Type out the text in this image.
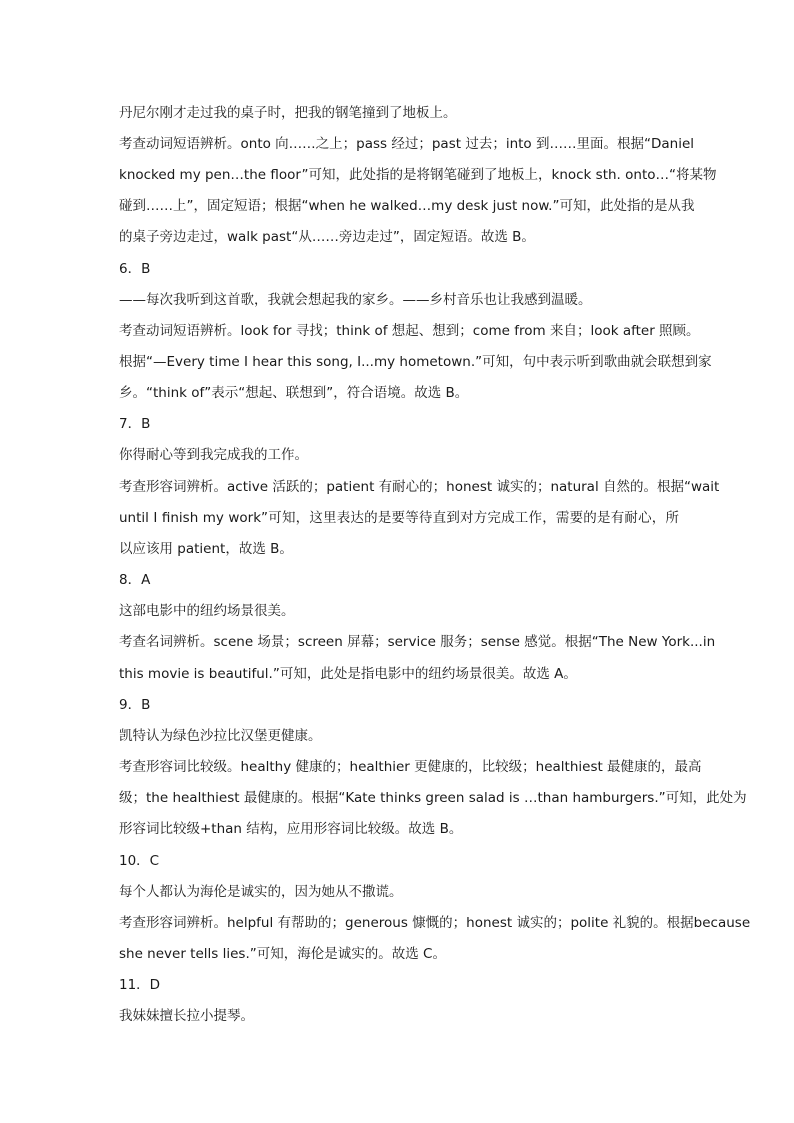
丹尼尔刚才走过我的桌子时，把我的钢笔撞到了地板上。
考查动词短语辨析。onto 向……之上；pass 经过；past 过去；into 到……里面。根据“Daniel
knocked my pen…the floor”可知，此处指的是将钢笔碰到了地板上，knock sth. onto…“将某物
碰到……上”，固定短语；根据“when he walked…my desk just now.”可知，此处指的是从我
的桌子旁边走过，walk past“从……旁边走过”，固定短语。故选 B。
6．B
——每次我听到这首歌，我就会想起我的家乡。——乡村音乐也让我感到温暖。
考查动词短语辨析。look for 寻找；think of 想起、想到；come from 来自；look after 照顾。
根据“—Every time I hear this song, I...my hometown.”可知，句中表示听到歌曲就会联想到家
乡。“think of”表示“想起、联想到”，符合语境。故选 B。
7．B
你得耐心等到我完成我的工作。
考查形容词辨析。active 活跃的；patient 有耐心的；honest 诚实的；natural 自然的。根据“wait
until I finish my work”可知，这里表达的是要等待直到对方完成工作，需要的是有耐心，所
以应该用 patient，故选 B。
8．A
这部电影中的纽约场景很美。
考查名词辨析。scene 场景；screen 屏幕；service 服务；sense 感觉。根据“The New York...in
this movie is beautiful.”可知，此处是指电影中的纽约场景很美。故选 A。
9．B
凯特认为绿色沙拉比汉堡更健康。
考查形容词比较级。healthy 健康的；healthier 更健康的，比较级；healthiest 最健康的，最高
级；the healthiest 最健康的。根据“Kate thinks green salad is …than hamburgers.”可知，此处为
形容词比较级+than 结构，应用形容词比较级。故选 B。
10．C
每个人都认为海伦是诚实的，因为她从不撒谎。
考查形容词辨析。helpful 有帮助的；generous 慷慨的；honest 诚实的；polite 礼貌的。根据because
she never tells lies.”可知，海伦是诚实的。故选 C。
11．D
我妹妹擅长拉小提琴。
